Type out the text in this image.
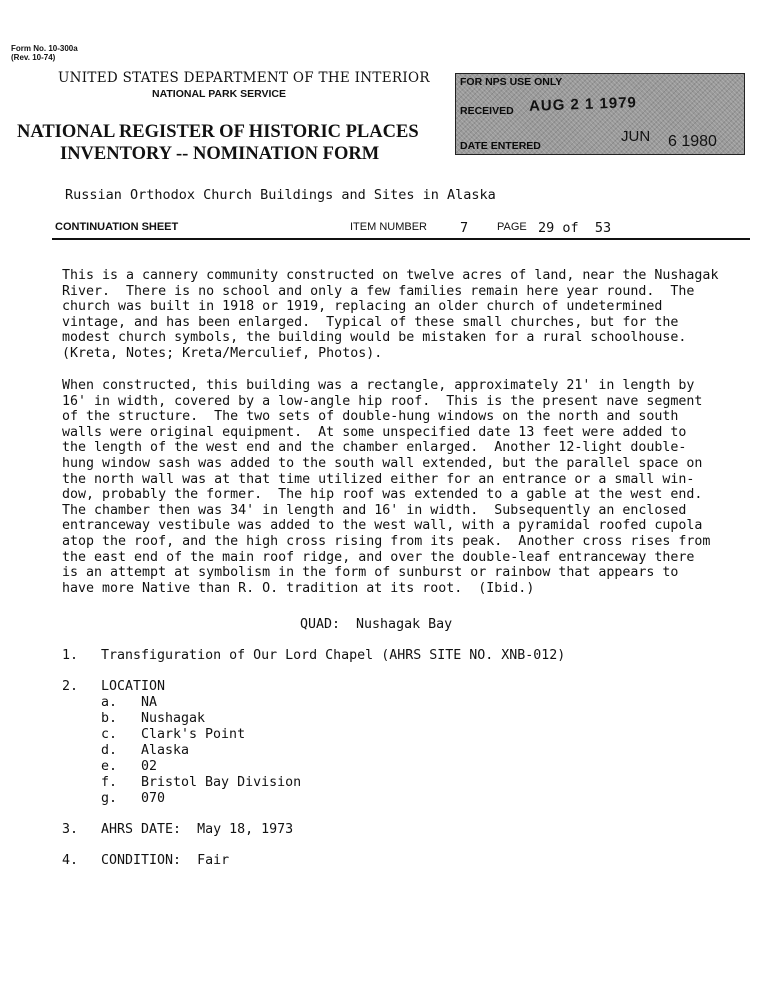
Form No. 10-300a
(Rev. 10-74)
UNITED STATES DEPARTMENT OF THE INTERIOR
NATIONAL PARK SERVICE
NATIONAL REGISTER OF HISTORIC PLACES
INVENTORY -- NOMINATION FORM
FOR NPS USE ONLY
RECEIVED AUG 2 1 1979
DATE ENTERED
JUN 6 1980
Russian Orthodox Church Buildings and Sites in Alaska
CONTINUATION SHEET	ITEM NUMBER 7	PAGE 29 of  53
This is a cannery community constructed on twelve acres of land, near the Nushagak
River.  There is no school and only a few families remain here year round.  The
church was built in 1918 or 1919, replacing an older church of undetermined
vintage, and has been enlarged.  Typical of these small churches, but for the
modest church symbols, the building would be mistaken for a rural schoolhouse.
(Kreta, Notes; Kreta/Merculief, Photos).
When constructed, this building was a rectangle, approximately 21' in length by
16' in width, covered by a low-angle hip roof.  This is the present nave segment
of the structure.  The two sets of double-hung windows on the north and south
walls were original equipment.  At some unspecified date 13 feet were added to
the length of the west end and the chamber enlarged.  Another 12-light double-
hung window sash was added to the south wall extended, but the parallel space on
the north wall was at that time utilized either for an entrance or a small win-
dow, probably the former.  The hip roof was extended to a gable at the west end.
The chamber then was 34' in length and 16' in width.  Subsequently an enclosed
entranceway vestibule was added to the west wall, with a pyramidal roofed cupola
atop the roof, and the high cross rising from its peak.  Another cross rises from
the east end of the main roof ridge, and over the double-leaf entranceway there
is an attempt at symbolism in the form of sunburst or rainbow that appears to
have more Native than R. O. tradition at its root.  (Ibid.)
QUAD:  Nushagak Bay
1. Transfiguration of Our Lord Chapel (AHRS SITE NO. XNB-012)
2. LOCATION
a. NA
b. Nushagak
c. Clark's Point
d. Alaska
e. 02
f. Bristol Bay Division
g. 070
3. AHRS DATE:  May 18, 1973
4. CONDITION:  Fair
